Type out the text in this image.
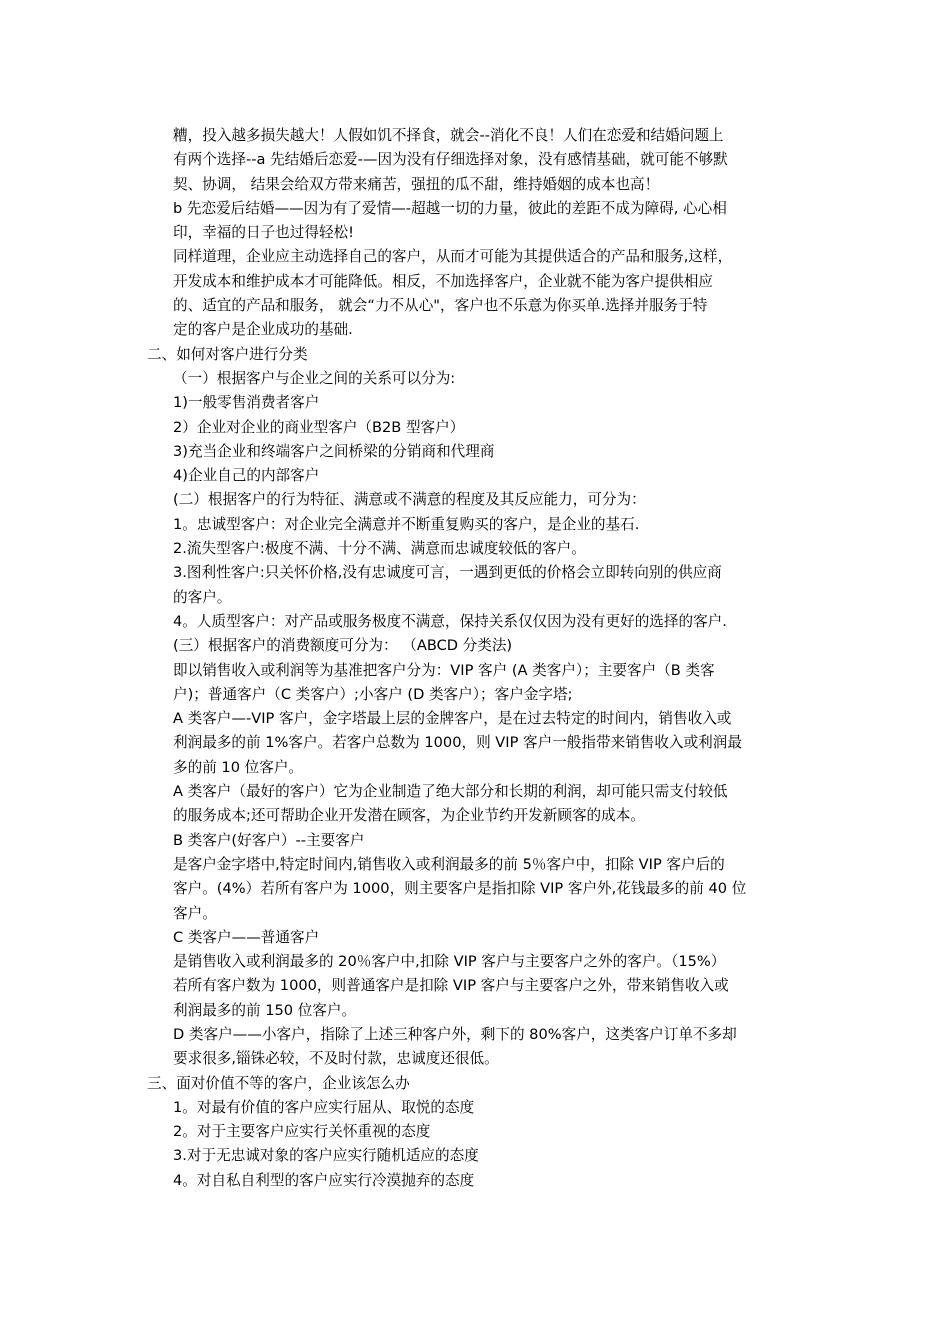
糟，投入越多损失越大！人假如饥不择食，就会--消化不良！人们在恋爱和结婚问题上
有两个选择--a 先结婚后恋爱-—因为没有仔细选择对象，没有感情基础，就可能不够默
契、协调， 结果会给双方带来痛苦，强扭的瓜不甜，维持婚姻的成本也高！
b 先恋爱后结婚——因为有了爱情—-超越一切的力量，彼此的差距不成为障碍, 心心相
印，幸福的日子也过得轻松!
同样道理，企业应主动选择自己的客户，从而才可能为其提供适合的产品和服务,这样，
开发成本和维护成本才可能降低。相反，不加选择客户，企业就不能为客户提供相应
的、适宜的产品和服务， 就会“力不从心"，客户也不乐意为你买单.选择并服务于特
定的客户是企业成功的基础.
二、如何对客户进行分类
（一）根据客户与企业之间的关系可以分为:
1)一般零售消费者客户
2）企业对企业的商业型客户（B2B 型客户）
3)充当企业和终端客户之间桥梁的分销商和代理商
4)企业自己的内部客户
(二）根据客户的行为特征、满意或不满意的程度及其反应能力，可分为：
1。忠诚型客户：对企业完全满意并不断重复购买的客户，是企业的基石.
2.流失型客户:极度不满、十分不满、满意而忠诚度较低的客户。
3.图利性客户:只关怀价格,没有忠诚度可言，一遇到更低的价格会立即转向别的供应商
的客户。
4。人质型客户：对产品或服务极度不满意，保持关系仅仅因为没有更好的选择的客户.
(三）根据客户的消费额度可分为： （ABCD 分类法)
即以销售收入或利润等为基准把客户分为：VIP 客户 (A 类客户）；主要客户（B 类客
户)；普通客户（C 类客户）;小客户 (D 类客户）；客户金字塔;
A 类客户—-VIP 客户，金字塔最上层的金牌客户，是在过去特定的时间内，销售收入或
利润最多的前 1%客户。若客户总数为 1000，则 VIP 客户一般指带来销售收入或利润最
多的前 10 位客户。
A 类客户（最好的客户）它为企业制造了绝大部分和长期的利润，却可能只需支付较低
的服务成本;还可帮助企业开发潜在顾客，为企业节约开发新顾客的成本。
B 类客户(好客户）--主要客户
是客户金字塔中,特定时间内,销售收入或利润最多的前 5％客户中，扣除 VIP 客户后的
客户。(4%）若所有客户为 1000，则主要客户是指扣除 VIP 客户外,花钱最多的前 40 位
客户。
C 类客户——普通客户
是销售收入或利润最多的 20％客户中,扣除 VIP 客户与主要客户之外的客户。（15%）
若所有客户数为 1000，则普通客户是扣除 VIP 客户与主要客户之外，带来销售收入或
利润最多的前 150 位客户。
D 类客户——小客户，指除了上述三种客户外，剩下的 80%客户，这类客户订单不多却
要求很多,锱铢必较，不及时付款，忠诚度还很低。
三、面对价值不等的客户，企业该怎么办
1。对最有价值的客户应实行屈从、取悦的态度
2。对于主要客户应实行关怀重视的态度
3.对于无忠诚对象的客户应实行随机适应的态度
4。对自私自利型的客户应实行冷漠抛弃的态度
